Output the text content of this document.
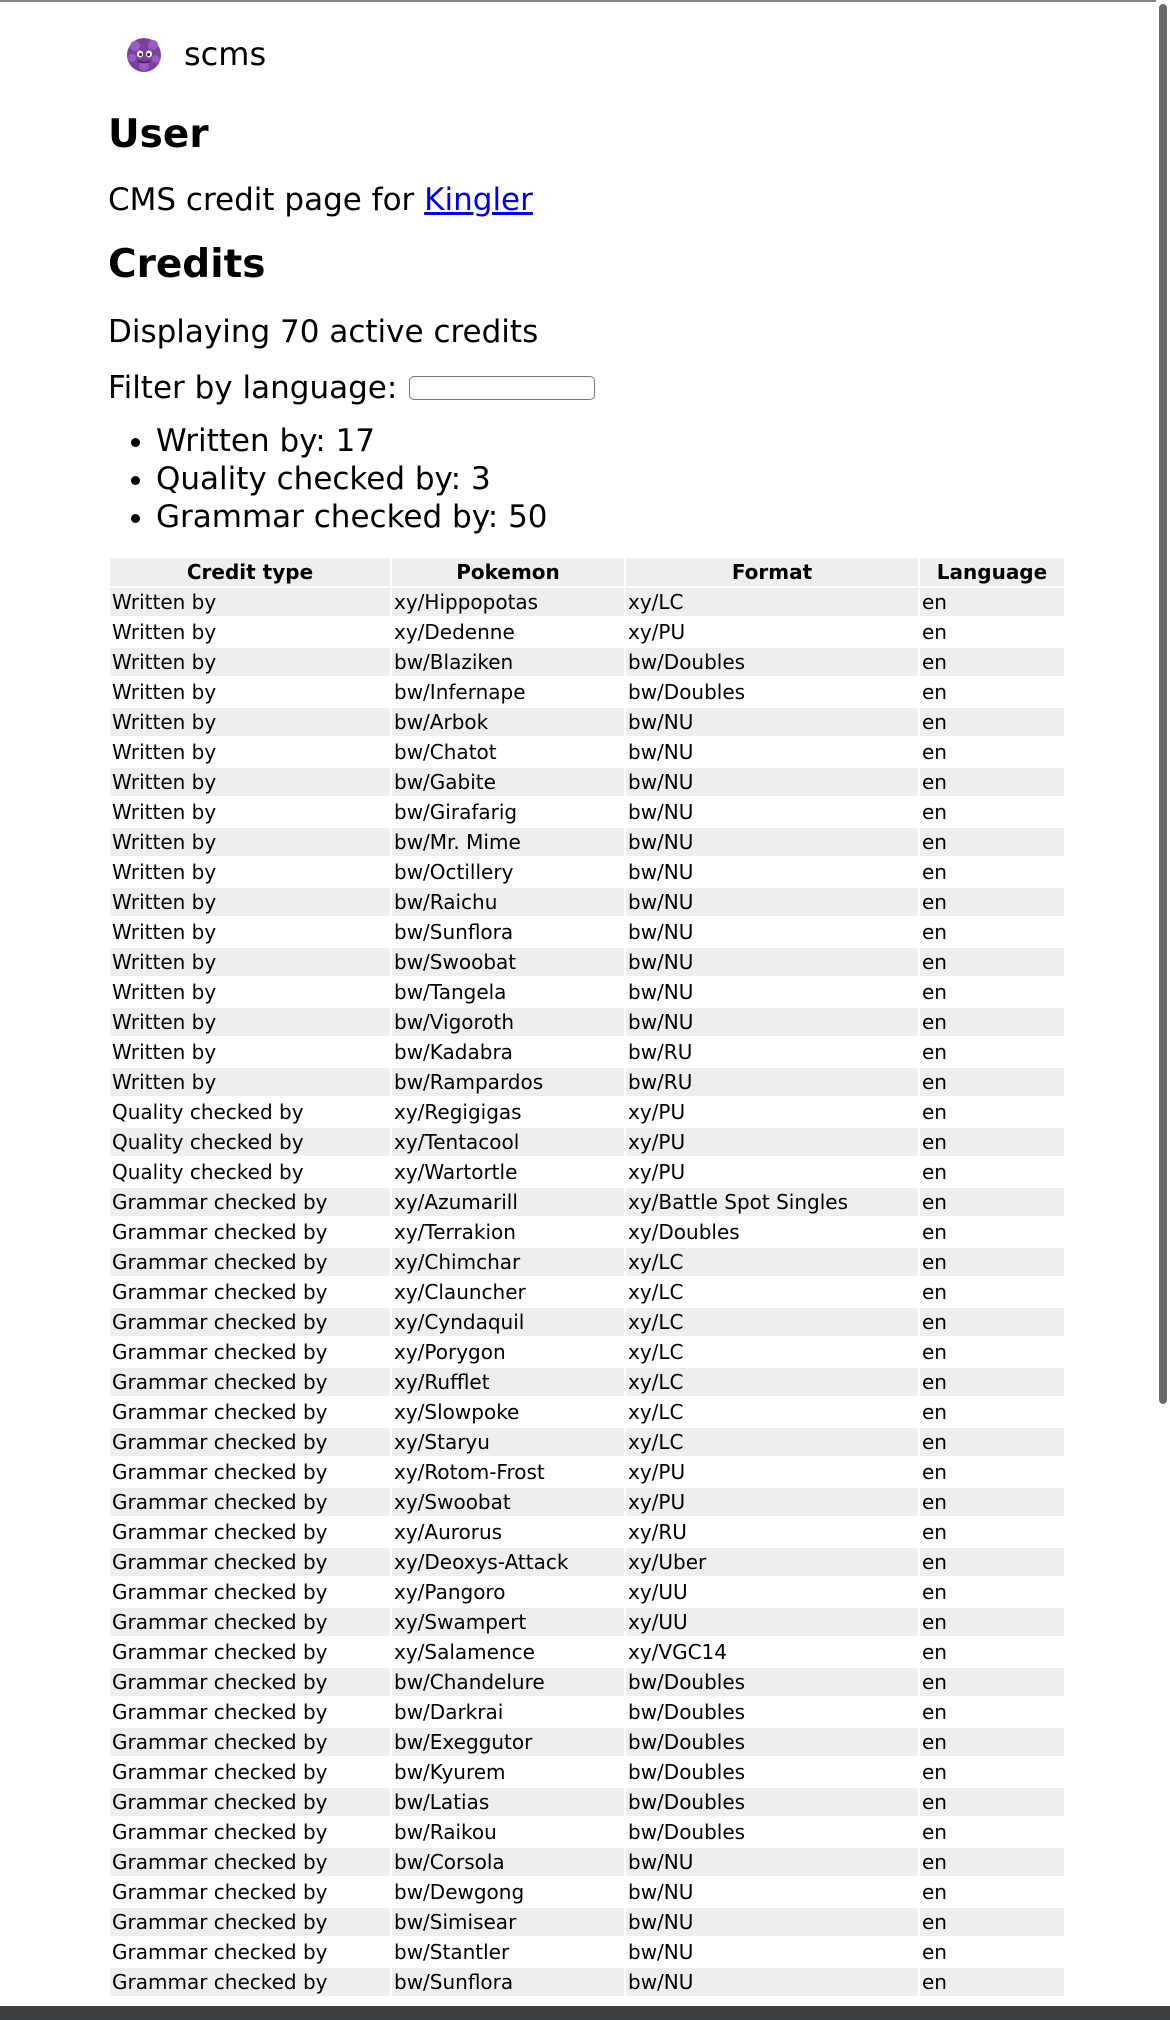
scms
User

CMS credit page for Kingler

Credits

Displaying 70 active credits

Filter by language:
• Written by: 17
• Quality checked by: 3
• Grammar checked by: 50
Credit type	Pokemon	Format	Language
Written by	xy/Hippopotas	xy/LC	en
Written by	xy/Dedenne	xy/PU	en
Written by	bw/Blaziken	bw/Doubles	en
Written by	bw/Infernape	bw/Doubles	en
Written by	bw/Arbok	bw/NU	en
Written by	bw/Chatot	bw/NU	en
Written by	bw/Gabite	bw/NU	en
Written by	bw/Girafarig	bw/NU	en
Written by	bw/Mr. Mime	bw/NU	en
Written by	bw/Octillery	bw/NU	en
Written by	bw/Raichu	bw/NU	en
Written by	bw/Sunflora	bw/NU	en
Written by	bw/Swoobat	bw/NU	en
Written by	bw/Tangela	bw/NU	en
Written by	bw/Vigoroth	bw/NU	en
Written by	bw/Kadabra	bw/RU	en
Written by	bw/Rampardos	bw/RU	en
Quality checked by	xy/Regigigas	xy/PU	en
Quality checked by	xy/Tentacool	xy/PU	en
Quality checked by	xy/Wartortle	xy/PU	en
Grammar checked by	xy/Azumarill	xy/Battle Spot Singles	en
Grammar checked by	xy/Terrakion	xy/Doubles	en
Grammar checked by	xy/Chimchar	xy/LC	en
Grammar checked by	xy/Clauncher	xy/LC	en
Grammar checked by	xy/Cyndaquil	xy/LC	en
Grammar checked by	xy/Porygon	xy/LC	en
Grammar checked by	xy/Rufflet	xy/LC	en
Grammar checked by	xy/Slowpoke	xy/LC	en
Grammar checked by	xy/Staryu	xy/LC	en
Grammar checked by	xy/Rotom-Frost	xy/PU	en
Grammar checked by	xy/Swoobat	xy/PU	en
Grammar checked by	xy/Aurorus	xy/RU	en
Grammar checked by	xy/Deoxys-Attack	xy/Uber	en
Grammar checked by	xy/Pangoro	xy/UU	en
Grammar checked by	xy/Swampert	xy/UU	en
Grammar checked by	xy/Salamence	xy/VGC14	en
Grammar checked by	bw/Chandelure	bw/Doubles	en
Grammar checked by	bw/Darkrai	bw/Doubles	en
Grammar checked by	bw/Exeggutor	bw/Doubles	en
Grammar checked by	bw/Kyurem	bw/Doubles	en
Grammar checked by	bw/Latias	bw/Doubles	en
Grammar checked by	bw/Raikou	bw/Doubles	en
Grammar checked by	bw/Corsola	bw/NU	en
Grammar checked by	bw/Dewgong	bw/NU	en
Grammar checked by	bw/Simisear	bw/NU	en
Grammar checked by	bw/Stantler	bw/NU	en
Grammar checked by	bw/Sunflora	bw/NU	en
